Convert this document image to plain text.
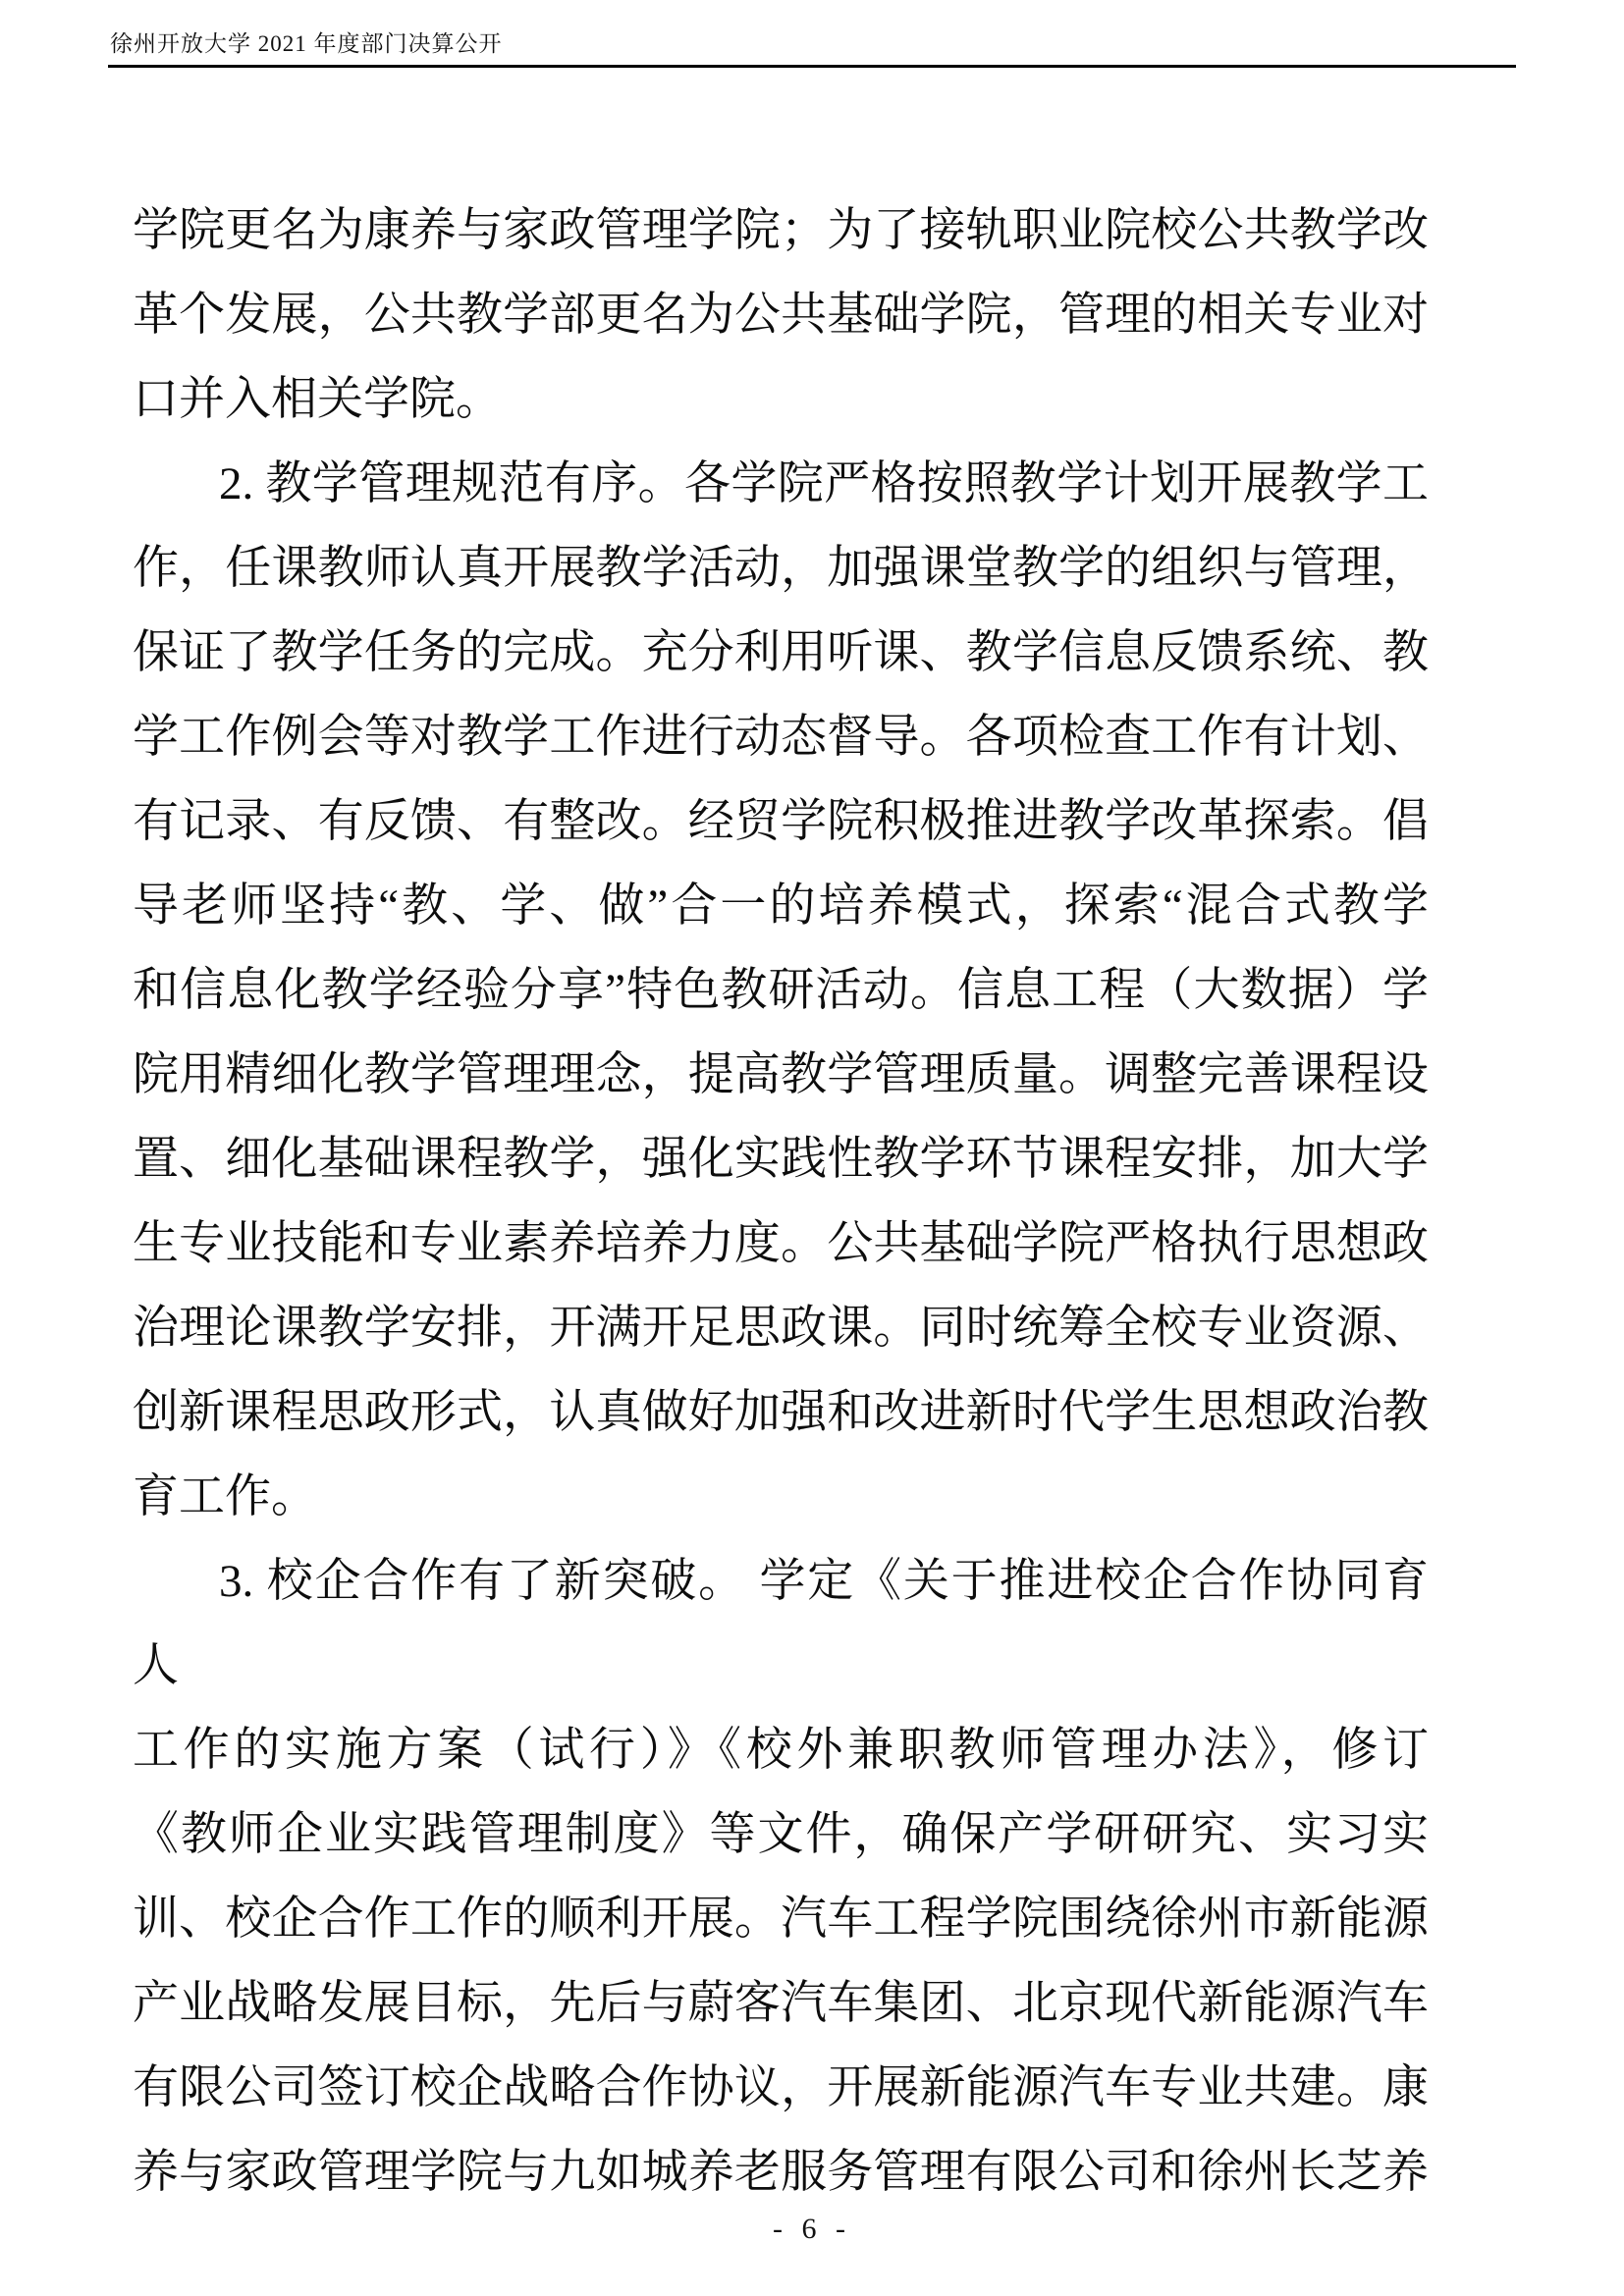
徐州开放大学 2021 年度部门决算公开
学院更名为康养与家政管理学院；为了接轨职业院校公共教学改
革个发展，公共教学部更名为公共基础学院，管理的相关专业对
口并入相关学院。
2. 教学管理规范有序。各学院严格按照教学计划开展教学工
作，任课教师认真开展教学活动，加强课堂教学的组织与管理，
保证了教学任务的完成。充分利用听课、教学信息反馈系统、教
学工作例会等对教学工作进行动态督导。各项检查工作有计划、
有记录、有反馈、有整改。经贸学院积极推进教学改革探索。倡
导老师坚持“教、学、做”合一的培养模式，探索“混合式教学
和信息化教学经验分享”特色教研活动。信息工程（大数据）学
院用精细化教学管理理念，提高教学管理质量。调整完善课程设
置、细化基础课程教学，强化实践性教学环节课程安排，加大学
生专业技能和专业素养培养力度。公共基础学院严格执行思想政
治理论课教学安排，开满开足思政课。同时统筹全校专业资源、
创新课程思政形式，认真做好加强和改进新时代学生思想政治教
育工作。
3. 校企合作有了新突破。 学定《关于推进校企合作协同育人
工作的实施方案（试行）》《校外兼职教师管理办法》，修订
《教师企业实践管理制度》等文件，确保产学研研究、实习实
训、校企合作工作的顺利开展。汽车工程学院围绕徐州市新能源
产业战略发展目标，先后与蔚客汽车集团、北京现代新能源汽车
有限公司签订校企战略合作协议，开展新能源汽车专业共建。康
养与家政管理学院与九如城养老服务管理有限公司和徐州长芝养
- 6 -
